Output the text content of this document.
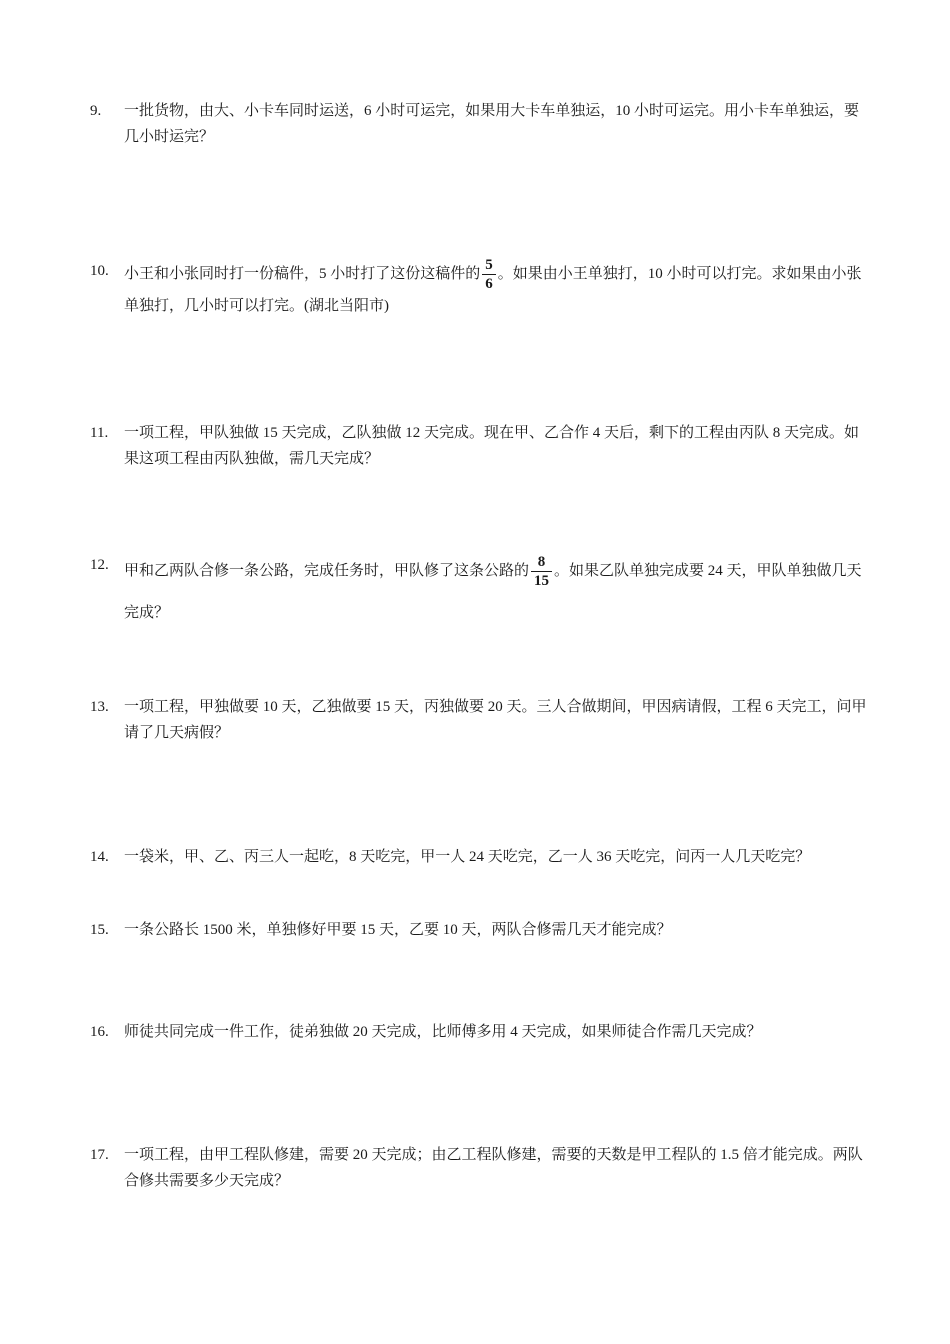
9.	一批货物，由大、小卡车同时运送，6 小时可运完，如果用大卡车单独运，10 小时可运完。用小卡车单独运，要几小时运完？
10.	小王和小张同时打一份稿件，5 小时打了这份这稿件的 $\frac{5}{6}$ 。如果由小王单独打，10 小时可以打完。求如果由小张单独打，几小时可以打完。(湖北当阳市)
11.	一项工程，甲队独做 15 天完成，乙队独做 12 天完成。现在甲、乙合作 4 天后，剩下的工程由丙队 8 天完成。如果这项工程由丙队独做，需几天完成？
12.	甲和乙两队合修一条公路，完成任务时，甲队修了这条公路的 $\frac{8}{15}$ 。如果乙队单独完成要 24 天，甲队单独做几天完成？
13.	一项工程，甲独做要 10 天，乙独做要 15 天，丙独做要 20 天。三人合做期间，甲因病请假，工程 6 天完工，问甲请了几天病假？
14.	一袋米，甲、乙、丙三人一起吃，8 天吃完，甲一人 24 天吃完，乙一人 36 天吃完，问丙一人几天吃完？
15.	一条公路长 1500 米，单独修好甲要 15 天，乙要 10 天，两队合修需几天才能完成？
16.	师徒共同完成一件工作，徒弟独做 20 天完成，比师傅多用 4 天完成，如果师徒合作需几天完成？
17.	一项工程，由甲工程队修建，需要 20 天完成；由乙工程队修建，需要的天数是甲工程队的 1.5 倍才能完成。两队合修共需要多少天完成？
